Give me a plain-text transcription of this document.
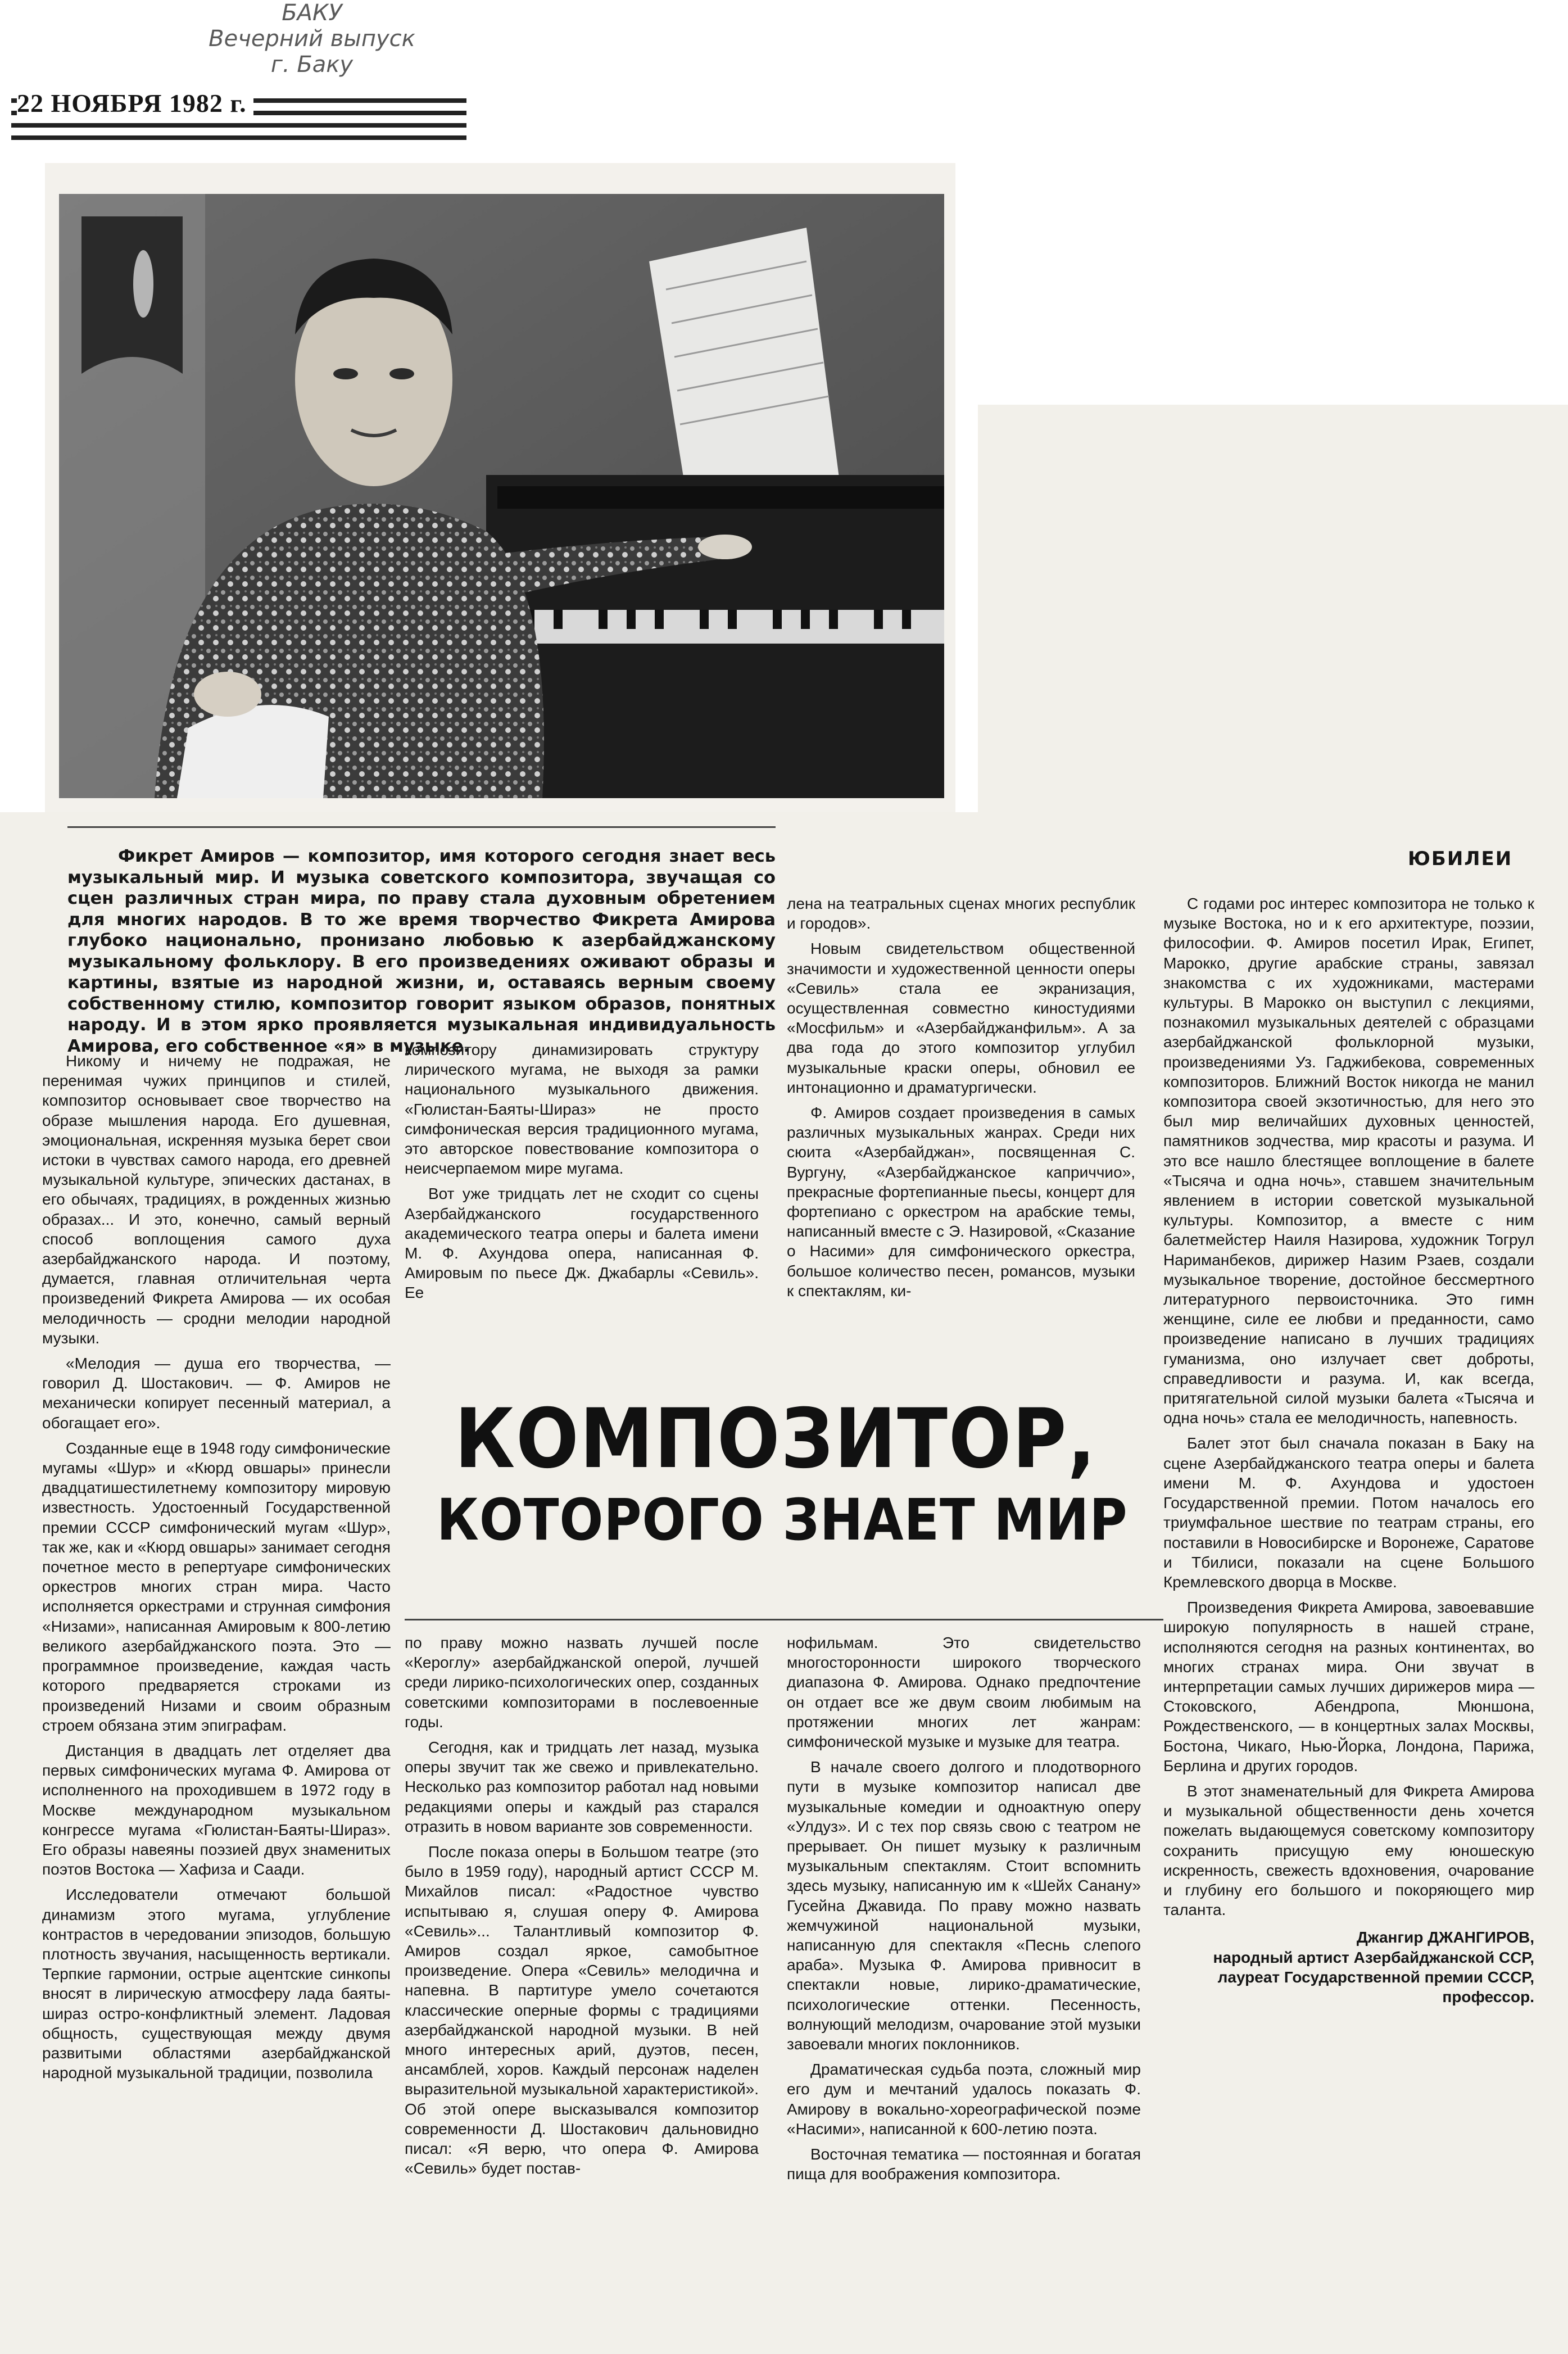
БАКУ
Вечерний выпуск
г. Баку
22 НОЯБРЯ 1982 г.
Фикрет Амиров — композитор, имя которого сегодня знает весь музыкальный мир. И музыка советского композитора, звучащая со сцен различных стран мира, по праву стала духовным обретением для многих народов. В то же время творчество Фикрета Амирова глубоко национально, пронизано любовью к азербайджанскому музыкальному фольклору. В его произведениях оживают образы и картины, взятые из народной жизни, и, оставаясь верным своему собственному стилю, композитор говорит языком образов, понятных народу. И в этом ярко проявляется музыкальная индивидуальность Амирова, его собственное «я» в музыке.
ЮБИЛЕИ

Никому и ничему не подражая, не перенимая чужих принципов и стилей, композитор основывает свое творчество на образе мышления народа. Его душевная, эмоциональная, искренняя музыка берет свои истоки в чувствах самого народа, его древней музыкальной культуре, эпических дастанах, в его обычаях, традициях, в рожденных жизнью образах... И это, конечно, самый верный способ воплощения самого духа азербайджанского народа. И поэтому, думается, главная отличительная черта произведений Фикрета Амирова — их особая мелодичность — сродни мелодии народной музыки.

«Мелодия — душа его творчества, — говорил Д. Шостакович. — Ф. Амиров не механически копирует песенный материал, а обогащает его».

Созданные еще в 1948 году симфонические мугамы «Шур» и «Кюрд овшары» принесли двадцатишестилетнему композитору мировую известность. Удостоенный Государственной премии СССР симфонический мугам «Шур», так же, как и «Кюрд овшары» занимает сегодня почетное место в репертуаре симфонических оркестров многих стран мира. Часто исполняется оркестрами и струнная симфония «Низами», написанная Амировым к 800-летию великого азербайджанского поэта. Это — программное произведение, каждая часть которого предваряется строками из произведений Низами и своим образным строем обязана этим эпиграфам.

Дистанция в двадцать лет отделяет два первых симфонических мугама Ф. Амирова от исполненного на проходившем в 1972 году в Москве международном музыкальном конгрессе мугама «Гюлистан-Баяты-Шираз». Его образы навеяны поэзией двух знаменитых поэтов Востока — Хафиза и Саади.

Исследователи отмечают большой динамизм этого мугама, углубление контрастов в чередовании эпизодов, большую плотность звучания, насыщенность вертикали. Терпкие гармонии, острые ацентские синкопы вносят в лирическую атмосферу лада баяты-шираз остро-конфликтный элемент. Ладовая общность, существующая между двумя развитыми областями азербайджанской народной музыкальной традиции, позволила

композитору динамизировать структуру лирического мугама, не выходя за рамки национального музыкального движения. «Гюлистан-Баяты-Шираз» не просто симфоническая версия традиционного мугама, это авторское повествование композитора о неисчерпаемом мире мугама.

Вот уже тридцать лет не сходит со сцены Азербайджанского государственного академического театра оперы и балета имени М. Ф. Ахундова опера, написанная Ф. Амировым по пьесе Дж. Джабарлы «Севиль». Ее

лена на театральных сценах многих республик и городов».

Новым свидетельством общественной значимости и художественной ценности оперы «Севиль» стала ее экранизация, осуществленная совместно киностудиями «Мосфильм» и «Азербайджанфильм». А за два года до этого композитор углубил музыкальные краски оперы, обновил ее интонационно и драматургически.

Ф. Амиров создает произведения в самых различных музыкальных жанрах. Среди них сюита «Азербайджан», посвященная С. Вургуну, «Азербайджанское каприччио», прекрасные фортепианные пьесы, концерт для фортепиано с оркестром на арабские темы, написанный вместе с Э. Назировой, «Сказание о Насими» для симфонического оркестра, большое количество песен, романсов, музыки к спектаклям, ки-

КОМПОЗИТОР,
КОТОРОГО ЗНАЕТ МИР

по праву можно назвать лучшей после «Кероглу» азербайджанской оперой, лучшей среди лирико-психологических опер, созданных советскими композиторами в послевоенные годы.

Сегодня, как и тридцать лет назад, музыка оперы звучит так же свежо и привлекательно. Несколько раз композитор работал над новыми редакциями оперы и каждый раз старался отразить в новом варианте зов современности.

После показа оперы в Большом театре (это было в 1959 году), народный артист СССР М. Михайлов писал: «Радостное чувство испытываю я, слушая оперу Ф. Амирова «Севиль»... Талантливый композитор Ф. Амиров создал яркое, самобытное произведение. Опера «Севиль» мелодична и напевна. В партитуре умело сочетаются классические оперные формы с традициями азербайджанской народной музыки. В ней много интересных арий, дуэтов, песен, ансамблей, хоров. Каждый персонаж наделен выразительной музыкальной характеристикой». Об этой опере высказывался композитор современности Д. Шостакович дальновидно писал: «Я верю, что опера Ф. Амирова «Севиль» будет постав-

нофильмам. Это свидетельство многосторонности широкого творческого диапазона Ф. Амирова. Однако предпочтение он отдает все же двум своим любимым на протяжении многих лет жанрам: симфонической музыке и музыке для театра.

В начале своего долгого и плодотворного пути в музыке композитор написал две музыкальные комедии и одноактную оперу «Улдуз». И с тех пор связь свою с театром не прерывает. Он пишет музыку к различным музыкальным спектаклям. Стоит вспомнить здесь музыку, написанную им к «Шейх Санану» Гусейна Джавида. По праву можно назвать жемчужиной национальной музыки, написанную для спектакля «Песнь слепого араба». Музыка Ф. Амирова привносит в спектакли новые, лирико-драматические, психологические оттенки. Песенность, волнующий мелодизм, очарование этой музыки завоевали многих поклонников.

Драматическая судьба поэта, сложный мир его дум и мечтаний удалось показать Ф. Амирову в вокально-хореографической поэме «Насими», написанной к 600-летию поэта.

Восточная тематика — постоянная и богатая пища для воображения композитора.

С годами рос интерес композитора не только к музыке Востока, но и к его архитектуре, поэзии, философии. Ф. Амиров посетил Ирак, Египет, Марокко, другие арабские страны, завязал знакомства с их художниками, мастерами культуры. В Марокко он выступил с лекциями, познакомил музыкальных деятелей с образцами азербайджанской фольклорной музыки, произведениями Уз. Гаджибекова, современных композиторов. Ближний Восток никогда не манил композитора своей экзотичностью, для него это был мир величайших духовных ценностей, памятников зодчества, мир красоты и разума. И это все нашло блестящее воплощение в балете «Тысяча и одна ночь», ставшем значительным явлением в истории советской музыкальной культуры. Композитор, а вместе с ним балетмейстер Наиля Назирова, художник Тогрул Нариманбеков, дирижер Назим Рзаев, создали музыкальное творение, достойное бессмертного литературного первоисточника. Это гимн женщине, силе ее любви и преданности, само произведение написано в лучших традициях гуманизма, оно излучает свет доброты, справедливости и разума. И, как всегда, притягательной силой музыки балета «Тысяча и одна ночь» стала ее мелодичность, напевность.

Балет этот был сначала показан в Баку на сцене Азербайджанского театра оперы и балета имени М. Ф. Ахундова и удостоен Государственной премии. Потом началось его триумфальное шествие по театрам страны, его поставили в Новосибирске и Воронеже, Саратове и Тбилиси, показали на сцене Большого Кремлевского дворца в Москве.

Произведения Фикрета Амирова, завоевавшие широкую популярность в нашей стране, исполняются сегодня на разных континентах, во многих странах мира. Они звучат в интерпретации самых лучших дирижеров мира — Стоковского, Абендропа, Мюншона, Рождественского, — в концертных залах Москвы, Бостона, Чикаго, Нью-Йорка, Лондона, Парижа, Берлина и других городов.

В этот знаменательный для Фикрета Амирова и музыкальной общественности день хочется пожелать выдающемуся советскому композитору сохранить присущую ему юношескую искренность, свежесть вдохновения, очарование и глубину его большого и покоряющего мир таланта.

Джангир ДЖАНГИРОВ,

народный артист Азербайджанской ССР, лауреат Государственной премии СССР, профессор.
